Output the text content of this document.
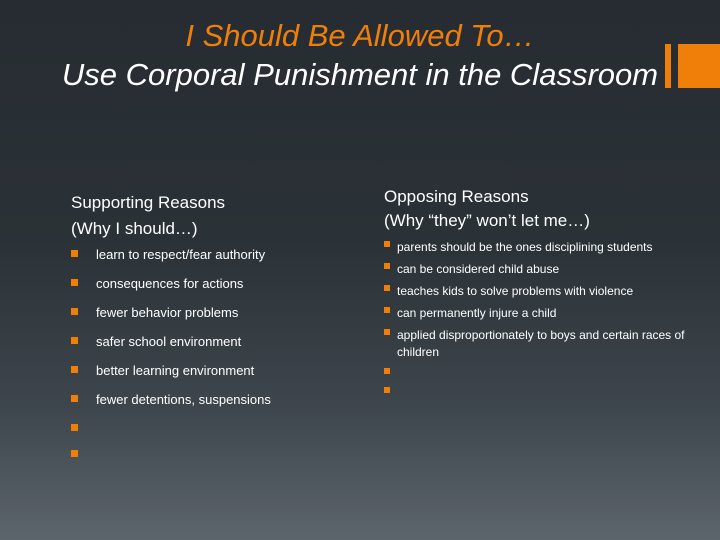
I Should Be Allowed To…
Use Corporal Punishment in the Classroom
Supporting Reasons
(Why I should…)
learn to respect/fear authority
consequences for actions
fewer behavior problems
safer school environment
better learning environment
fewer detentions, suspensions
Opposing Reasons
(Why “they” won’t let me…)
parents should be the ones disciplining students
can be considered child abuse
teaches kids to solve problems with violence
can permanently injure a child
applied disproportionately to boys and certain races of children
